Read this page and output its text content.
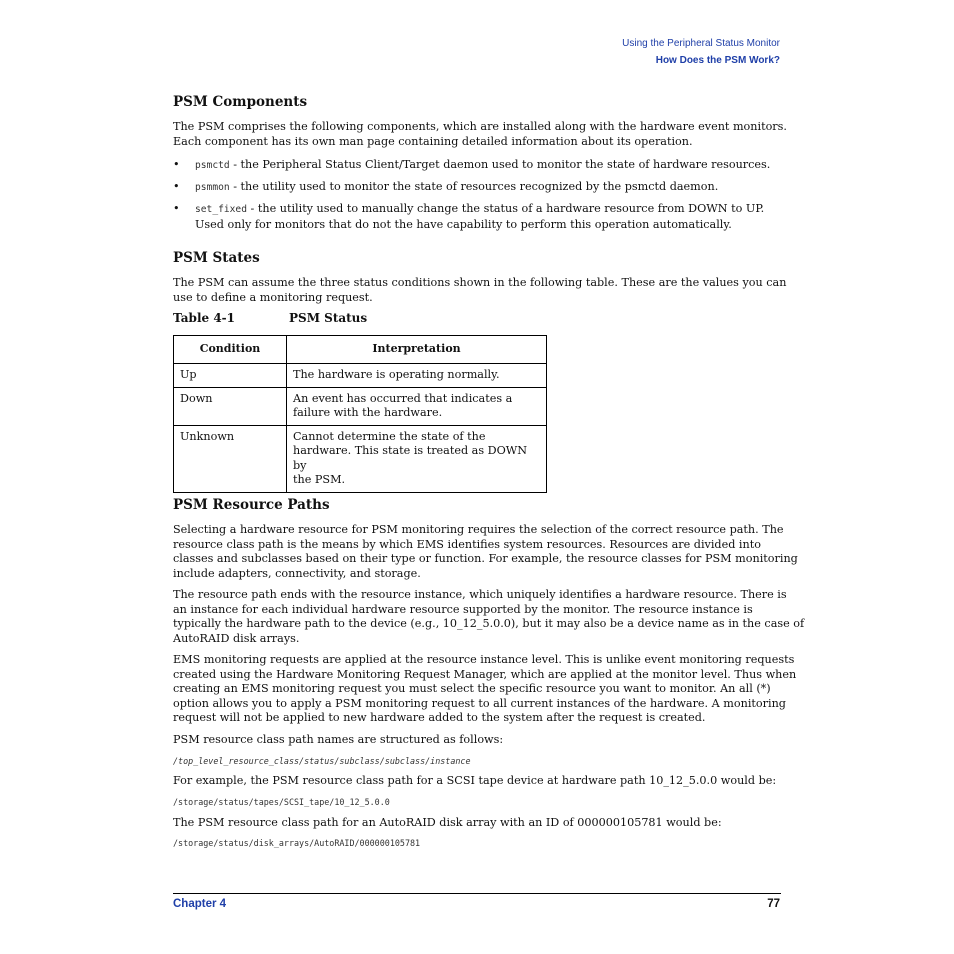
Using the Peripheral Status Monitor
How Does the PSM Work?
PSM Components
The PSM comprises the following components, which are installed along with the hardware event monitors.
Each component has its own man page containing detailed information about its operation.
• psmctd - the Peripheral Status Client/Target daemon used to monitor the state of hardware resources.
• psmmon - the utility used to monitor the state of resources recognized by the psmctd daemon.
• set_fixed - the utility used to manually change the status of a hardware resource from DOWN to UP.
Used only for monitors that do not the have capability to perform this operation automatically.
PSM States
The PSM can assume the three status conditions shown in the following table. These are the values you can
use to define a monitoring request.
Table 4-1	PSM Status
Condition	Interpretation
Up	The hardware is operating normally.

Down	An event has occurred that indicates a
failure with the hardware.

Unknown	Cannot determine the state of the
hardware. This state is treated as DOWN by
the PSM.
PSM Resource Paths
Selecting a hardware resource for PSM monitoring requires the selection of the correct resource path. The
resource class path is the means by which EMS identifies system resources. Resources are divided into
classes and subclasses based on their type or function. For example, the resource classes for PSM monitoring
include adapters, connectivity, and storage.
The resource path ends with the resource instance, which uniquely identifies a hardware resource. There is
an instance for each individual hardware resource supported by the monitor. The resource instance is
typically the hardware path to the device (e.g., 10_12_5.0.0), but it may also be a device name as in the case of
AutoRAID disk arrays.
EMS monitoring requests are applied at the resource instance level. This is unlike event monitoring requests
created using the Hardware Monitoring Request Manager, which are applied at the monitor level. Thus when
creating an EMS monitoring request you must select the specific resource you want to monitor. An all (*)
option allows you to apply a PSM monitoring request to all current instances of the hardware. A monitoring
request will not be applied to new hardware added to the system after the request is created.
PSM resource class path names are structured as follows:
/top_level_resource_class/status/subclass/subclass/instance
For example, the PSM resource class path for a SCSI tape device at hardware path 10_12_5.0.0 would be:
/storage/status/tapes/SCSI_tape/10_12_5.0.0
The PSM resource class path for an AutoRAID disk array with an ID of 000000105781 would be:
/storage/status/disk_arrays/AutoRAID/000000105781
Chapter 4	77
